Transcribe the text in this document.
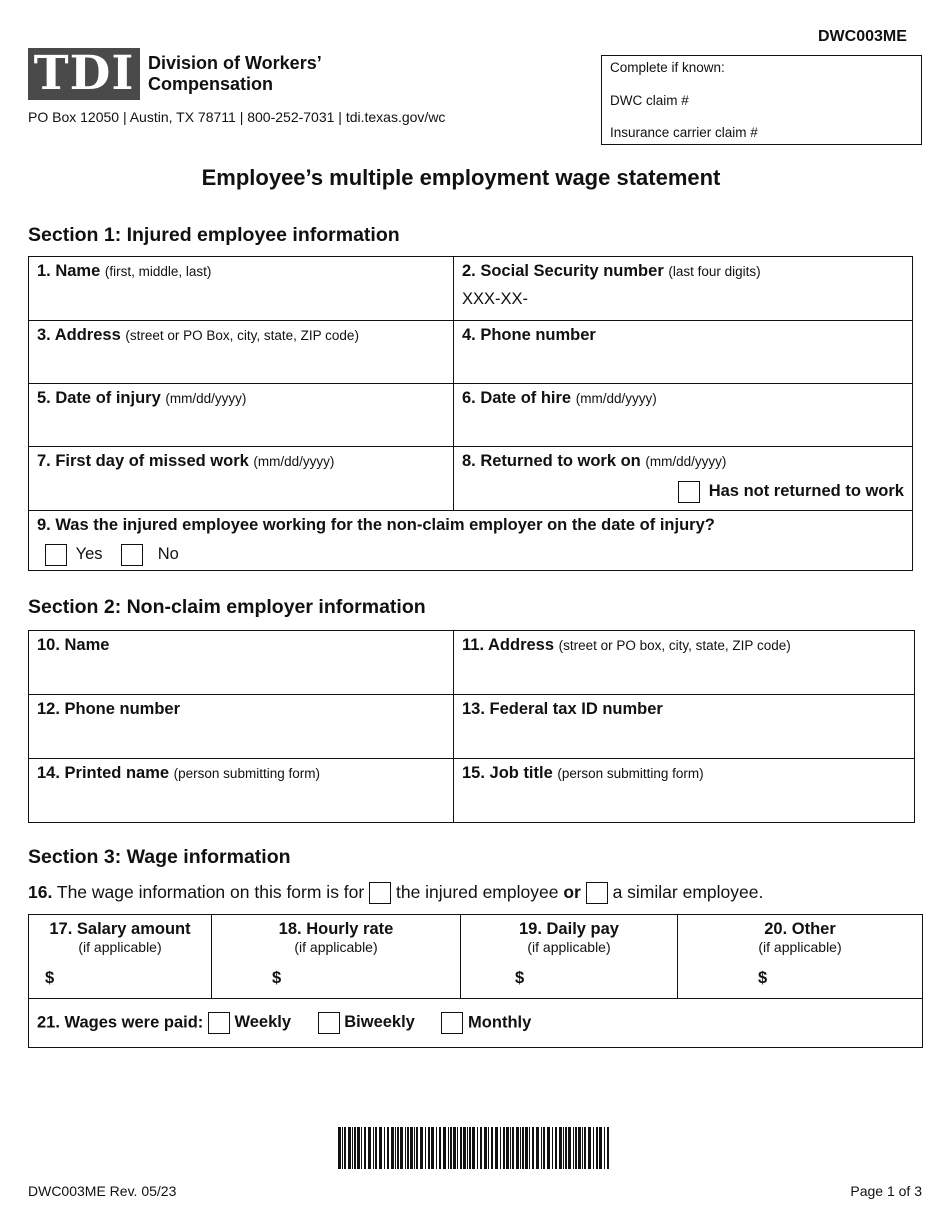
TDI Division of Workers’
Compensation
PO Box 12050 | Austin, TX 78711 | 800-252-7031 | tdi.texas.gov/wc
DWC003ME
Complete if known:
DWC claim #
Insurance carrier claim #
Employee’s multiple employment wage statement
Section 1: Injured employee information
1. Name (first, middle, last)	2. Social Security number (last four digits)
XXX-XX-

3. Address (street or PO Box, city, state, ZIP code)	4. Phone number
5. Date of injury (mm/dd/yyyy)	6. Date of hire (mm/dd/yyyy)
7. First day of missed work (mm/dd/yyyy)	8. Returned to work on (mm/dd/yyyy)
Has not returned to work

9. Was the injured employee working for the non-claim employer on the date of injury?
Yes No	
Section 2: Non-claim employer information
10. Name	11. Address (street or PO box, city, state, ZIP code)
12. Phone number	13. Federal tax ID number
14. Printed name (person submitting form)	15. Job title (person submitting form)
Section 3: Wage information
16. The wage information on this form is for the injured employee or a similar employee.
17. Salary amount
(if applicable)
$
	18. Hourly rate
(if applicable)
$
	19. Daily pay
(if applicable)
$
	20. Other
(if applicable)
$

21. Wages were paid: Weekly	Biweekly	Monthly
DWC003ME Rev. 05/23	Page 1 of 3
